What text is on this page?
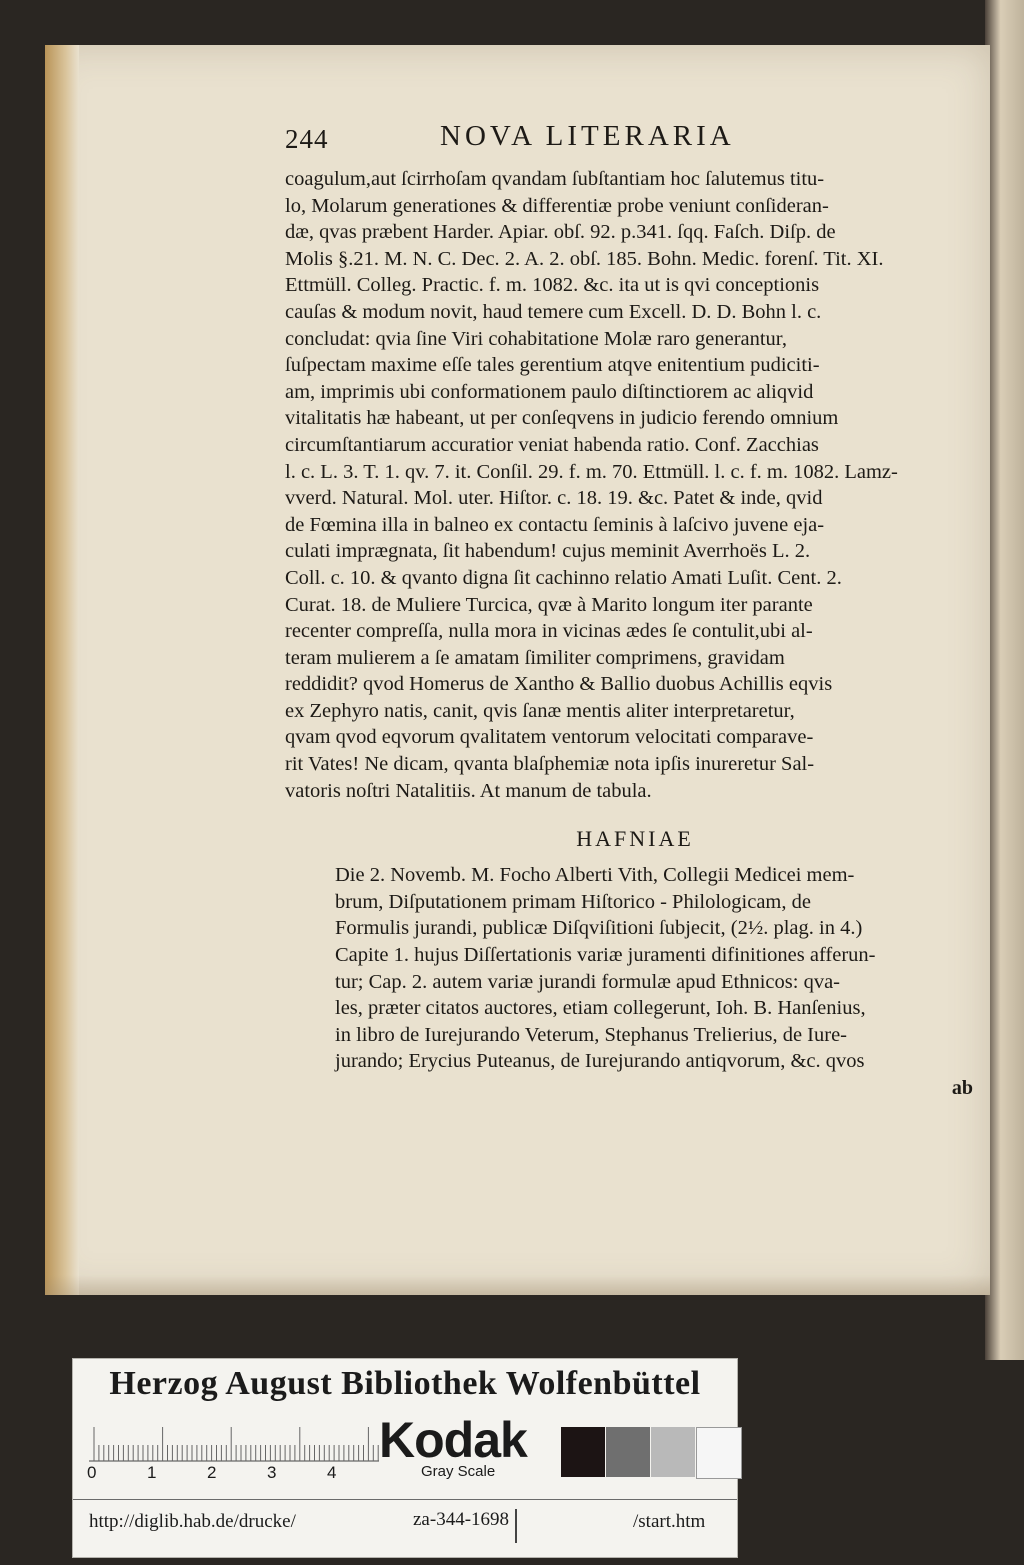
244	NOVA LITERARIA

coagulum,aut ſcirrhoſam qvandam ſubſtantiam hoc ſalutemus titu-

lo, Molarum generationes & differentiæ probe veniunt conſideran-

dæ, qvas præbent Harder. Apiar. obſ. 92. p.341. ſqq. Faſch. Diſp. de

Molis §.21. M. N. C. Dec. 2. A. 2. obſ. 185. Bohn. Medic. forenſ. Tit. XI.

Ettmüll. Colleg. Practic. f. m. 1082. &c. ita ut is qvi conceptionis

cauſas & modum novit, haud temere cum Excell. D. D. Bohn l. c.

concludat: qvia ſine Viri cohabitatione Molæ raro generantur,

ſuſpectam maxime eſſe tales gerentium atqve enitentium pudiciti-

am, imprimis ubi conformationem paulo diſtinctiorem ac aliqvid

vitalitatis hæ habeant, ut per conſeqvens in judicio ferendo omnium

circumſtantiarum accuratior veniat habenda ratio. Conf. Zacchias

l. c. L. 3. T. 1. qv. 7. it. Conſil. 29. f. m. 70. Ettmüll. l. c. f. m. 1082. Lamz-

vverd. Natural. Mol. uter. Hiſtor. c. 18. 19. &c. Patet & inde, qvid

de Fœmina illa in balneo ex contactu ſeminis à laſcivo juvene eja-

culati imprægnata, ſit habendum! cujus meminit Averrhoës L. 2.

Coll. c. 10. & qvanto digna ſit cachinno relatio Amati Luſit. Cent. 2.

Curat. 18. de Muliere Turcica, qvæ à Marito longum iter parante

recenter compreſſa, nulla mora in vicinas ædes ſe contulit,ubi al-

teram mulierem a ſe amatam ſimiliter comprimens, gravidam

reddidit? qvod Homerus de Xantho & Ballio duobus Achillis eqvis

ex Zephyro natis, canit, qvis ſanæ mentis aliter interpretaretur,

qvam qvod eqvorum qvalitatem ventorum velocitati comparave-

rit Vates! Ne dicam, qvanta blaſphemiæ nota ipſis inureretur Sal-

vatoris noſtri Natalitiis. At manum de tabula.

HAFNIAE

Die 2. Novemb. M. Focho Alberti Vith, Collegii Medicei mem-

brum, Diſputationem primam Hiſtorico - Philologicam, de

Formulis jurandi, publicæ Diſqviſitioni ſubjecit, (2½. plag. in 4.)

Capite 1. hujus Diſſertationis variæ juramenti difinitiones afferun-

tur; Cap. 2. autem variæ jurandi formulæ apud Ethnicos: qva-

les, præter citatos auctores, etiam collegerunt, Ioh. B. Hanſenius,

in libro de Iurejurando Veterum, Stephanus Trelierius, de Iure-

jurando; Erycius Puteanus, de Iurejurando antiqvorum, &c. qvos

ab
Herzog August Bibliothek Wolfenbüttel
0	1	2	3	4
Kodak
Gray Scale
http://diglib.hab.de/drucke/	za-344-1698	/start.htm
